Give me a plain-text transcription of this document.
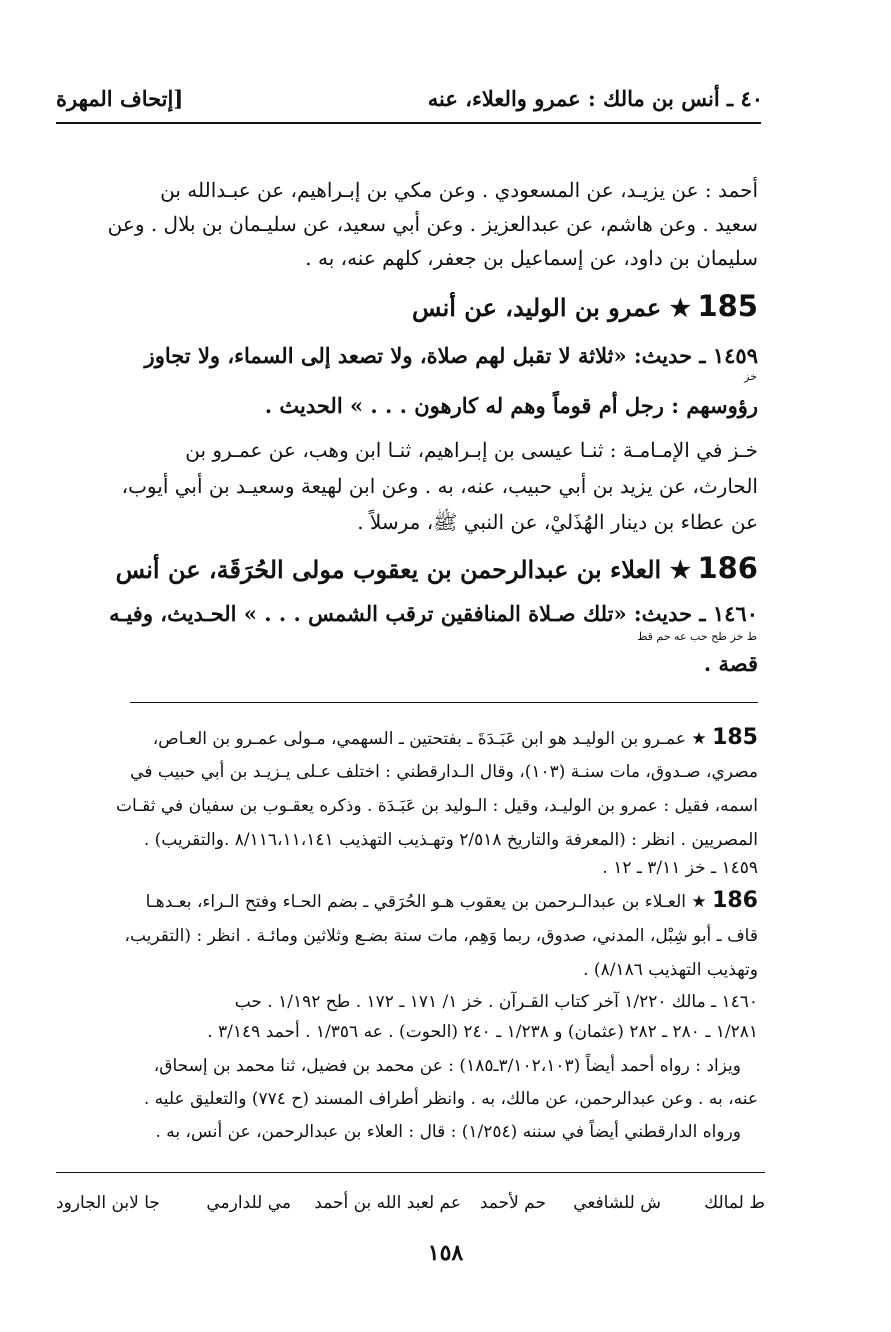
٤٠ ـ أنس بن مالك : عمرو والعلاء، عنه
[إتحاف المهرة
أحمد : عن يزيـد، عن المسعودي . وعن مكي بن إبـراهيم، عن عبـدالله بن
سعيد . وعن هاشم، عن عبدالعزيز . وعن أبي سعيد، عن سليـمان بن بلال . وعن
سليمان بن داود، عن إسماعيل بن جعفر، كلهم عنه، به .
185 ★ عمرو بن الوليد، عن أنس
١٤٥٩ ـ حديث: «ثلاثة لا تقبل لهم صلاة، ولا تصعد إلى السماء، ولا تجاوز
خز
رؤوسهم : رجل أم قوماً وهم له كارهون . . . » الحديث .
خـز في الإمـامـة : ثنـا عيسى بن إبـراهيم، ثنـا ابن وهب، عن عمـرو بن
الحارث، عن يزيد بن أبي حبيب، عنه، به . وعن ابن لهيعة وسعيـد بن أبي أيوب،
عن عطاء بن دينار الهُذَليْ، عن النبي ﷺ، مرسلاً .
186 ★ العلاء بن عبدالرحمن بن يعقوب مولى الحُرَقَة، عن أنس
١٤٦٠ ـ حديث: «تلك صـلاة المنافقين ترقب الشمس . . . » الحـديث، وفيـه
ط خز طح حب عه حم قط
قصة .
185 ★ عمـرو بن الوليـد هو ابن عَبَـدَةَ ـ بفتحتين ـ السهمي، مـولى عمـرو بن العـاص،
مصري، صـدوق، مات سنـة (١٠٣)، وقال الـدارقطني : اختلف عـلى يـزيـد بن أبي حبيب في
اسمه، فقيل : عمرو بن الوليـد، وقيل : الـوليد بن عَبَـدَة . وذكره يعقـوب بن سفيان في ثقـات
المصريين . انظر : (المعرفة والتاريخ ٢/٥١٨ وتهـذيب التهذيب ٨/١١٦،١١،١٤١ .والتقريب) .
١٤٥٩ ـ خز ٣/١١ ـ ١٢ .
186 ★ العـلاء بن عبدالـرحمن بن يعقوب هـو الحُرَقي ـ بضم الحـاء وفتح الـراء، بعـدهـا
قاف ـ أبو شِبْل، المدني، صدوق، ربما وَهِم، مات سنة بضـع وثلاثين ومائـة . انظر : (التقريب،
وتهذيب التهذيب ٨/١٨٦) .
١٤٦٠ ـ مالك ١/٢٢٠ آخر كتاب القـرآن . خز ١/ ١٧١ ـ ١٧٢ . طح ١/١٩٢ . حب
١/٢٨١ ـ ٢٨٠ ـ ٢٨٢ (عثمان) و ١/٢٣٨ ـ ٢٤٠ (الحوت) . عه ١/٣٥٦ . أحمد ٣/١٤٩ .
ويزاد : رواه أحمد أيضاً (٣/١٠٢،١٠٣ـ١٨٥) : عن محمد بن فضيل، ثنا محمد بن إسحاق،
عنه، به . وعن عبدالرحمن، عن مالك، به . وانظر أطراف المسند (ح ٧٧٤) والتعليق عليه .
ورواه الدارقطني أيضاً في سننه (١/٢٥٤) : قال : العلاء بن عبدالرحمن، عن أنس، به .
ط لمالك
ش للشافعي
حم لأحمد
عم لعبد الله بن أحمد
مي للدارمي
جا لابن الجارود
١٥٨
